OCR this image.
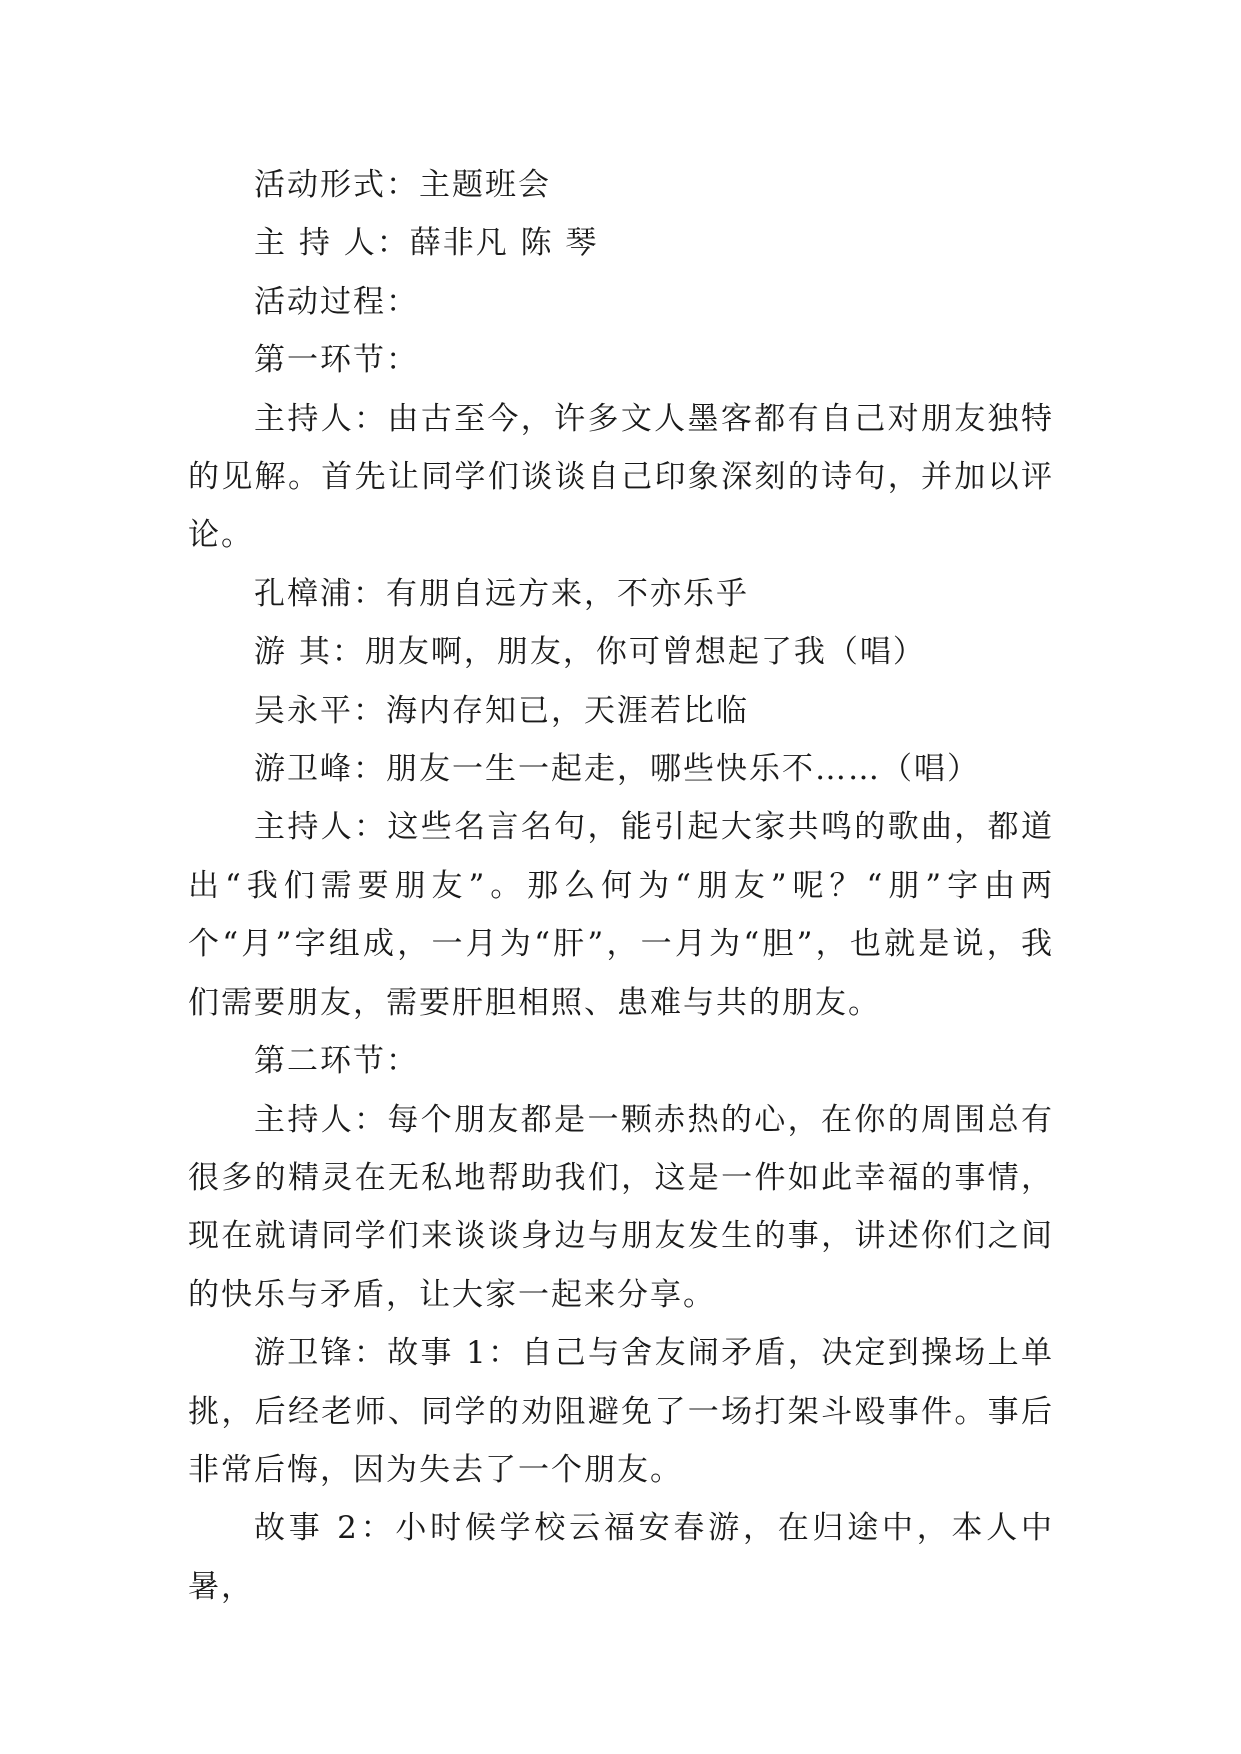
活动形式：主题班会

主 持 人：薛非凡 陈 琴

活动过程：

第一环节：

主持人：由古至今，许多文人墨客都有自己对朋友独特的见解。首先让同学们谈谈自己印象深刻的诗句，并加以评论。

孔樟浦：有朋自远方来，不亦乐乎

游 其：朋友啊，朋友，你可曾想起了我（唱）

吴永平：海内存知已，天涯若比临

游卫峰：朋友一生一起走，哪些快乐不……（唱）

主持人：这些名言名句，能引起大家共鸣的歌曲，都道出“我们需要朋友”。那么何为“朋友”呢？“朋”字由两个“月”字组成，一月为“肝”，一月为“胆”，也就是说，我们需要朋友，需要肝胆相照、患难与共的朋友。

第二环节：

主持人：每个朋友都是一颗赤热的心，在你的周围总有很多的精灵在无私地帮助我们，这是一件如此幸福的事情，现在就请同学们来谈谈身边与朋友发生的事，讲述你们之间的快乐与矛盾，让大家一起来分享。

游卫锋：故事 1：自己与舍友闹矛盾，决定到操场上单挑，后经老师、同学的劝阻避免了一场打架斗殴事件。事后非常后悔，因为失去了一个朋友。

故事 2：小时候学校云福安春游，在归途中，本人中暑，
